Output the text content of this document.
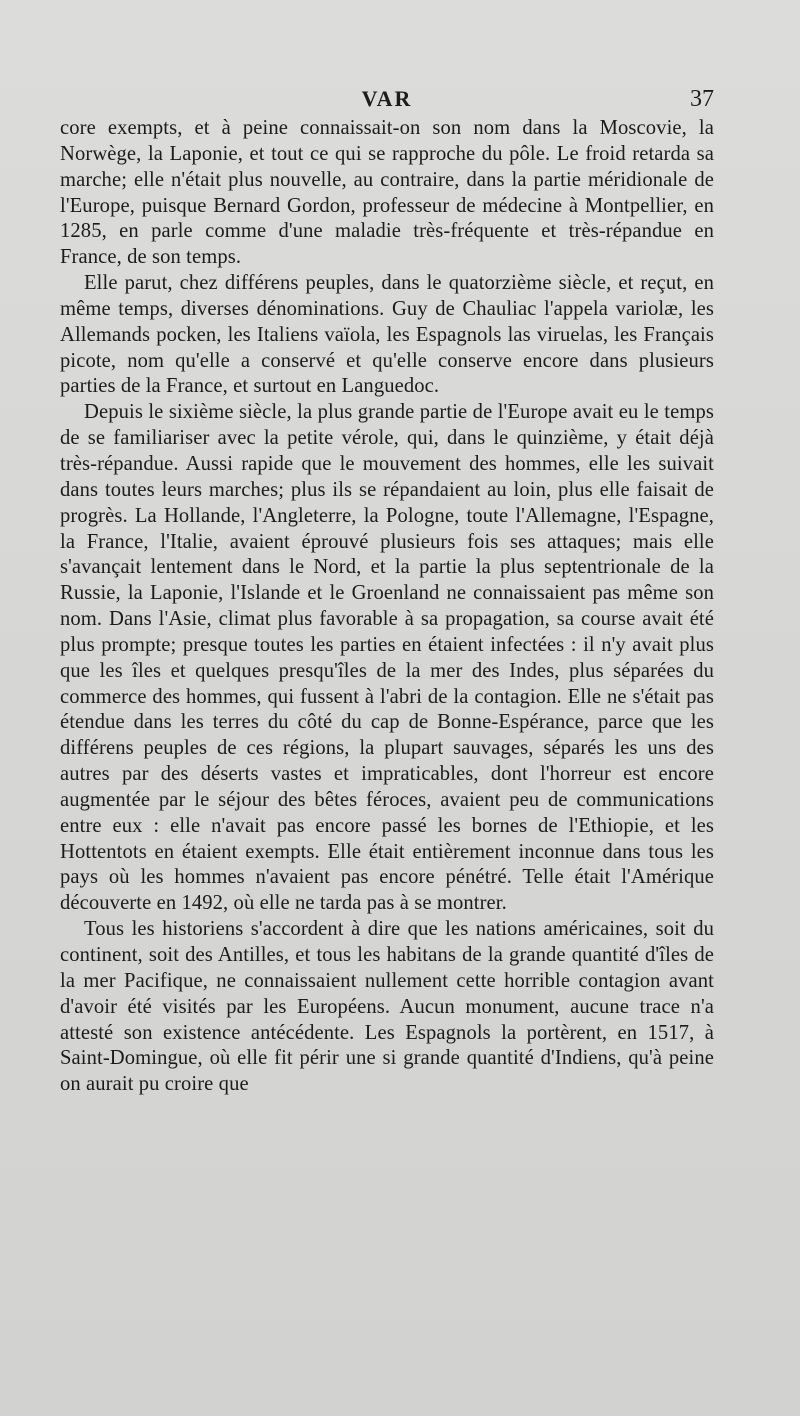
VAR	37

core exempts, et à peine connaissait-on son nom dans la Moscovie, la Norwège, la Laponie, et tout ce qui se rapproche du pôle. Le froid retarda sa marche; elle n'était plus nouvelle, au contraire, dans la partie méridionale de l'Europe, puisque Bernard Gordon, professeur de médecine à Montpellier, en 1285, en parle comme d'une maladie très-fréquente et très-répandue en France, de son temps.

Elle parut, chez différens peuples, dans le quatorzième siècle, et reçut, en même temps, diverses dénominations. Guy de Chauliac l'appela variolæ, les Allemands pocken, les Italiens vaïola, les Espagnols las viruelas, les Français picote, nom qu'elle a conservé et qu'elle conserve encore dans plusieurs parties de la France, et surtout en Languedoc.

Depuis le sixième siècle, la plus grande partie de l'Europe avait eu le temps de se familiariser avec la petite vérole, qui, dans le quinzième, y était déjà très-répandue. Aussi rapide que le mouvement des hommes, elle les suivait dans toutes leurs marches; plus ils se répandaient au loin, plus elle faisait de progrès. La Hollande, l'Angleterre, la Pologne, toute l'Allemagne, l'Espagne, la France, l'Italie, avaient éprouvé plusieurs fois ses attaques; mais elle s'avançait lentement dans le Nord, et la partie la plus septentrionale de la Russie, la Laponie, l'Islande et le Groenland ne connaissaient pas même son nom. Dans l'Asie, climat plus favorable à sa propagation, sa course avait été plus prompte; presque toutes les parties en étaient infectées : il n'y avait plus que les îles et quelques presqu'îles de la mer des Indes, plus séparées du commerce des hommes, qui fussent à l'abri de la contagion. Elle ne s'était pas étendue dans les terres du côté du cap de Bonne-Espérance, parce que les différens peuples de ces régions, la plupart sauvages, séparés les uns des autres par des déserts vastes et impraticables, dont l'horreur est encore augmentée par le séjour des bêtes féroces, avaient peu de communications entre eux : elle n'avait pas encore passé les bornes de l'Ethiopie, et les Hottentots en étaient exempts. Elle était entièrement inconnue dans tous les pays où les hommes n'avaient pas encore pénétré. Telle était l'Amérique découverte en 1492, où elle ne tarda pas à se montrer.

Tous les historiens s'accordent à dire que les nations américaines, soit du continent, soit des Antilles, et tous les habitans de la grande quantité d'îles de la mer Pacifique, ne connaissaient nullement cette horrible contagion avant d'avoir été visités par les Européens. Aucun monument, aucune trace n'a attesté son existence antécédente. Les Espagnols la portèrent, en 1517, à Saint-Domingue, où elle fit périr une si grande quantité d'Indiens, qu'à peine on aurait pu croire que
